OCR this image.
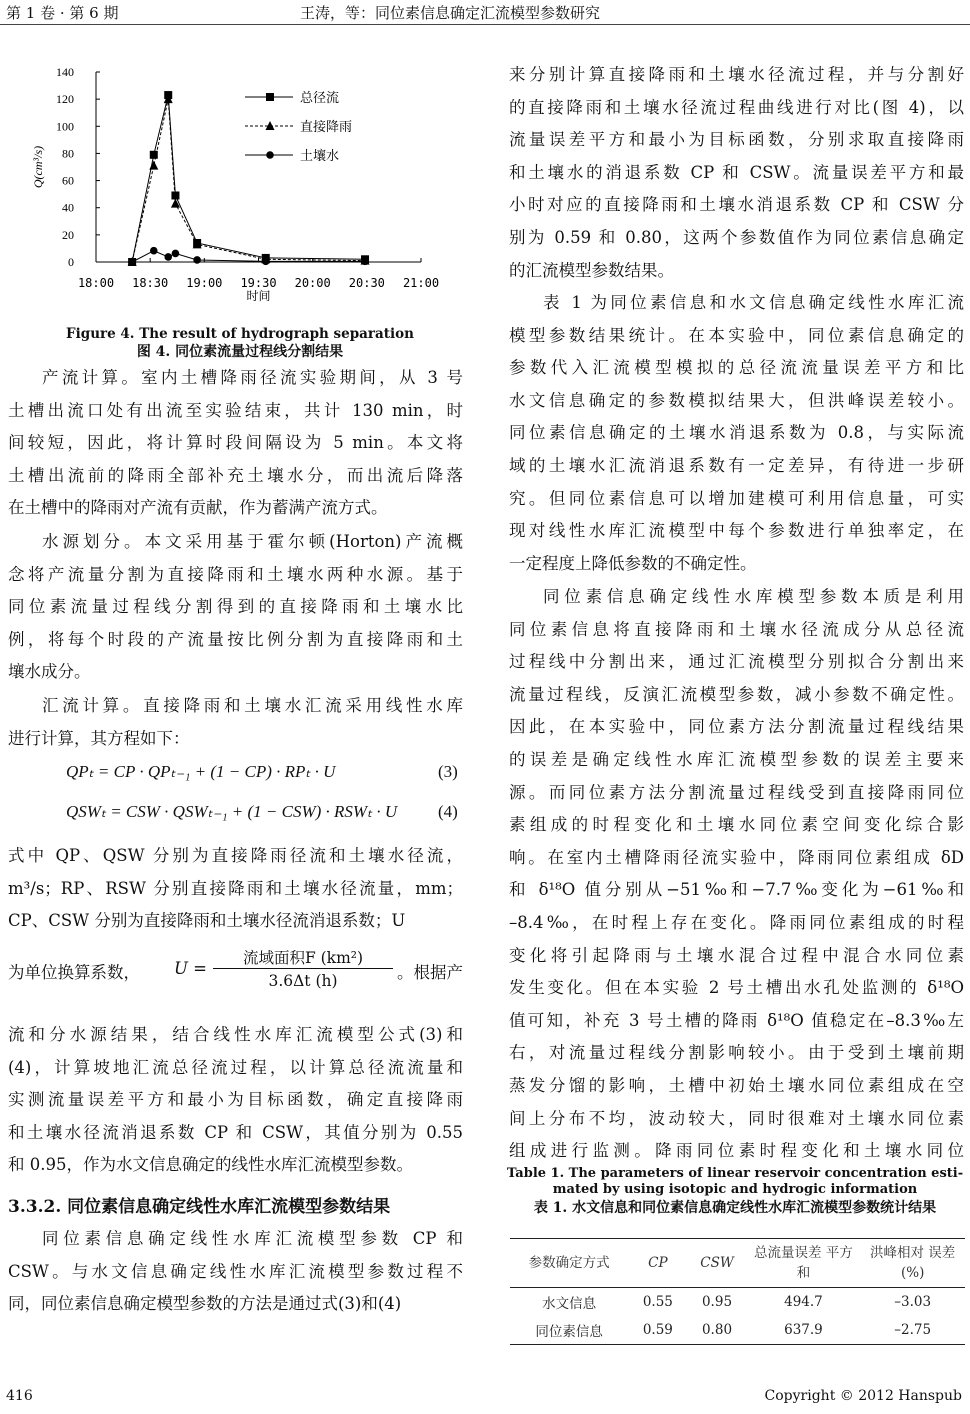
第 1 卷 · 第 6 期	王涛，等：同位素信息确定汇流模型参数研究
0
20
40
60
80
100
120
140
18:00 18:30 19:00 19:30 20:00 20:30 21:00
时间
Q(cm³/s)
总径流
直接降雨
土壤水
Figure 4. The result of hydrograph separation
图 4. 同位素流量过程线分割结果
产流计算。室内土槽降雨径流实验期间，从 3 号
土槽出流口处有出流至实验结束，共计 130 min，时
间较短，因此，将计算时段间隔设为 5 min。本文将
土槽出流前的降雨全部补充土壤水分，而出流后降落
在土槽中的降雨对产流有贡献，作为蓄满产流方式。
水源划分。本文采用基于霍尔顿(Horton)产流概
念将产流量分割为直接降雨和土壤水两种水源。基于
同位素流量过程线分割得到的直接降雨和土壤水比
例，将每个时段的产流量按比例分割为直接降雨和土
壤水成分。
汇流计算。直接降雨和土壤水汇流采用线性水库
进行计算，其方程如下：
QPₜ = CP · QPₜ₋₁ + (1 − CP) · RPₜ · U	(3)
QSWₜ = CSW · QSWₜ₋₁ + (1 − CSW) · RSWₜ · U (4)
式中 QP、QSW 分别为直接降雨径流和土壤水径流，
m³/s；RP、RSW 分别直接降雨和土壤水径流量，mm；
CP、CSW 分别为直接降雨和土壤水径流消退系数；U
为单位换算系数， U =
流域面积F (km²)
3.6Δt (h)	。根据产
流和分水源结果，结合线性水库汇流模型公式(3)和
(4)，计算坡地汇流总径流过程，以计算总径流流量和
实测流量误差平方和最小为目标函数，确定直接降雨
和土壤水径流消退系数 CP 和 CSW，其值分别为 0.55
和 0.95，作为水文信息确定的线性水库汇流模型参数。
3.3.2. 同位素信息确定线性水库汇流模型参数结果
同位素信息确定线性水库汇流模型参数 CP 和
CSW。与水文信息确定线性水库汇流模型参数过程不
同，同位素信息确定模型参数的方法是通过式(3)和(4)
来分别计算直接降雨和土壤水径流过程，并与分割好
的直接降雨和土壤水径流过程曲线进行对比(图 4)，以
流量误差平方和最小为目标函数，分别求取直接降雨
和土壤水的消退系数 CP 和 CSW。流量误差平方和最
小时对应的直接降雨和土壤水消退系数 CP 和 CSW 分
别为 0.59 和 0.80，这两个参数值作为同位素信息确定
的汇流模型参数结果。
表 1 为同位素信息和水文信息确定线性水库汇流
模型参数结果统计。在本实验中，同位素信息确定的
参数代入汇流模型模拟的总径流流量误差平方和比
水文信息确定的参数模拟结果大，但洪峰误差较小。
同位素信息确定的土壤水消退系数为 0.8，与实际流
域的土壤水汇流消退系数有一定差异，有待进一步研
究。但同位素信息可以增加建模可利用信息量，可实
现对线性水库汇流模型中每个参数进行单独率定，在
一定程度上降低参数的不确定性。
同位素信息确定线性水库模型参数本质是利用
同位素信息将直接降雨和土壤水径流成分从总径流
过程线中分割出来，通过汇流模型分别拟合分割出来
流量过程线，反演汇流模型参数，减小参数不确定性。
因此，在本实验中，同位素方法分割流量过程线结果
的误差是确定线性水库汇流模型参数的误差主要来
源。而同位素方法分割流量过程线受到直接降雨同位
素组成的时程变化和土壤水同位素空间变化综合影
响。在室内土槽降雨径流实验中，降雨同位素组成 δD
和 δ¹⁸O 值分别从−51‰和−7.7‰变化为−61‰和
–8.4‰，在时程上存在变化。降雨同位素组成的时程
变化将引起降雨与土壤水混合过程中混合水同位素
发生变化。但在本实验 2 号土槽出水孔处监测的 δ¹⁸O
值可知，补充 3 号土槽的降雨 δ¹⁸O 值稳定在–8.3‰左
右，对流量过程线分割影响较小。由于受到土壤前期
蒸发分馏的影响，土槽中初始土壤水同位素组成在空
间上分布不均，波动较大，同时很难对土壤水同位素
组成进行监测。降雨同位素时程变化和土壤水同位
Table 1. The parameters of linear reservoir concentration esti-
mated by using isotopic and hydrogic information
表 1. 水文信息和同位素信息确定线性水库汇流模型参数统计结果
参数确定方式	CP	CSW	总流量误差 平方和	洪峰相对 误差(%)
水文信息	0.55	0.95	494.7	–3.03
同位素信息	0.59	0.80	637.9	–2.75
416	Copyright © 2012 Hanspub
